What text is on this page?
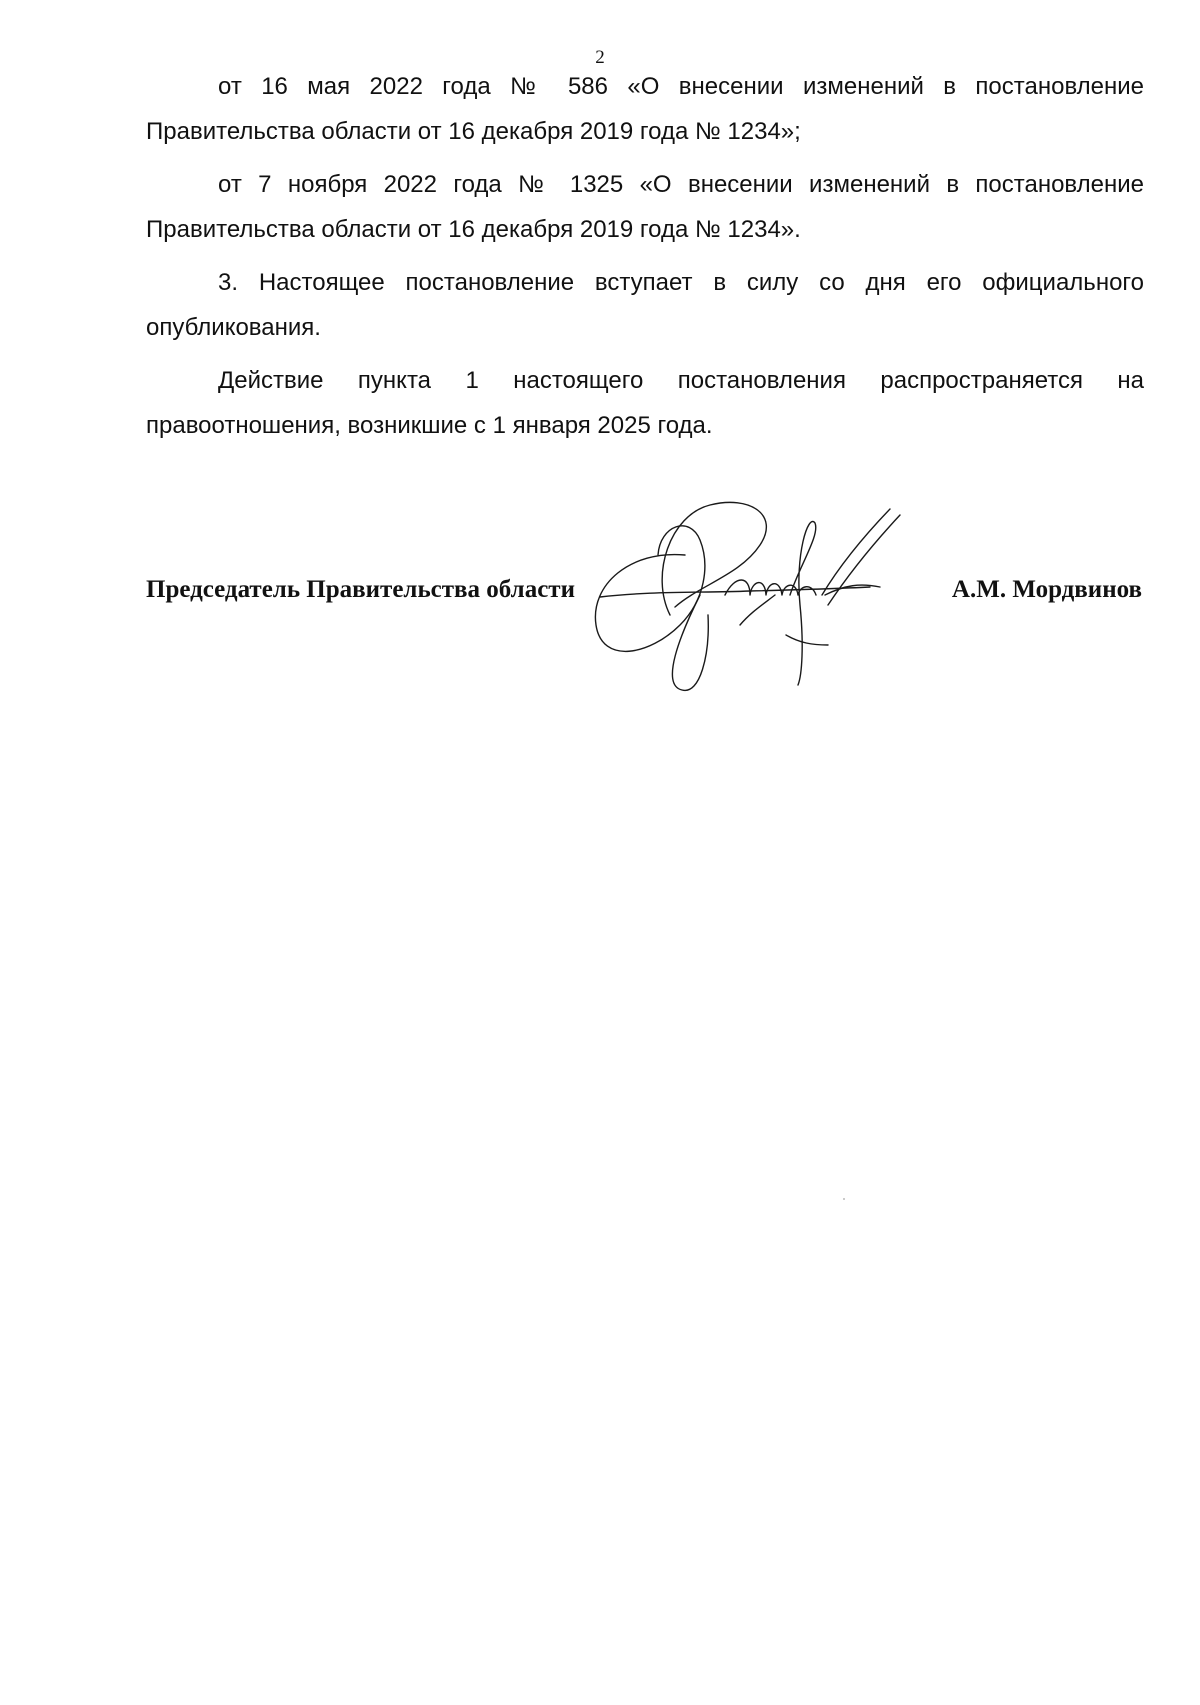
2

от 16 мая 2022 года № 586 «О внесении изменений в постановление Правительства области от 16 декабря 2019 года № 1234»;

от 7 ноября 2022 года № 1325 «О внесении изменений в постановление Правительства области от 16 декабря 2019 года № 1234».

3. Настоящее постановление вступает в силу со дня его официального опубликования.

Действие пункта 1 настоящего постановления распространяется на правоотношения, возникшие с 1 января 2025 года.

Председатель Правительства области	А.М. Мордвинов
